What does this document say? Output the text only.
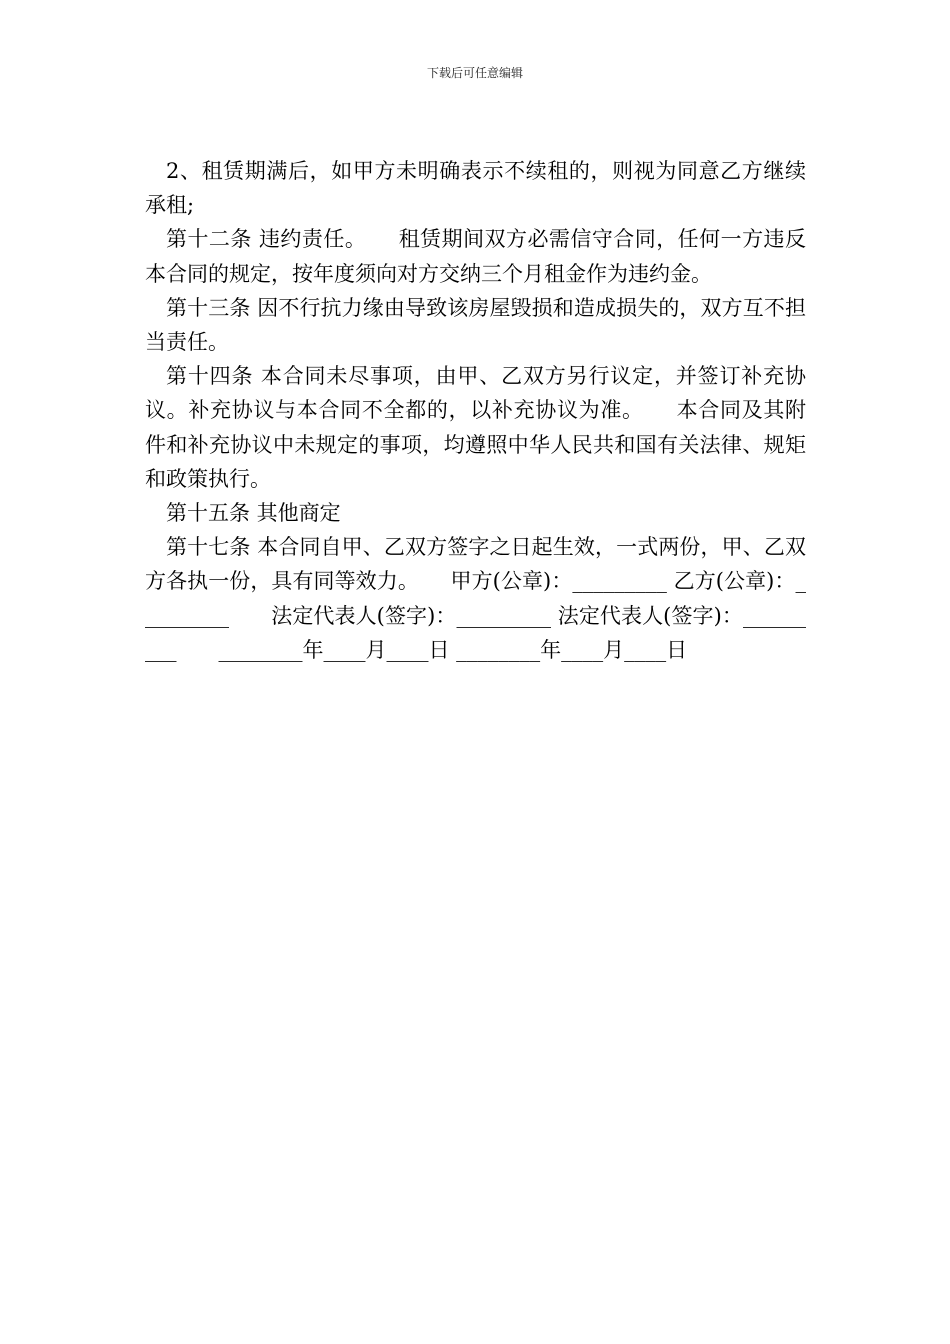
下载后可任意编辑

2、租赁期满后，如甲方未明确表示不续租的，则视为同意乙方继续承租;

第十二条 违约责任。　　租赁期间双方必需信守合同，任何一方违反本合同的规定，按年度须向对方交纳三个月租金作为违约金。

第十三条 因不行抗力缘由导致该房屋毁损和造成损失的，双方互不担当责任。

第十四条 本合同未尽事项，由甲、乙双方另行议定，并签订补充协议。补充协议与本合同不全都的，以补充协议为准。　　本合同及其附件和补充协议中未规定的事项，均遵照中华人民共和国有关法律、规矩和政策执行。

第十五条 其他商定

第十七条 本合同自甲、乙双方签字之日起生效，一式两份，甲、乙双方各执一份，具有同等效力。　　甲方(公章)：_________ 乙方(公章)：_________　　法定代表人(签字)：_________ 法定代表人(签字)：_________　　________年____月____日 ________年____月____日
